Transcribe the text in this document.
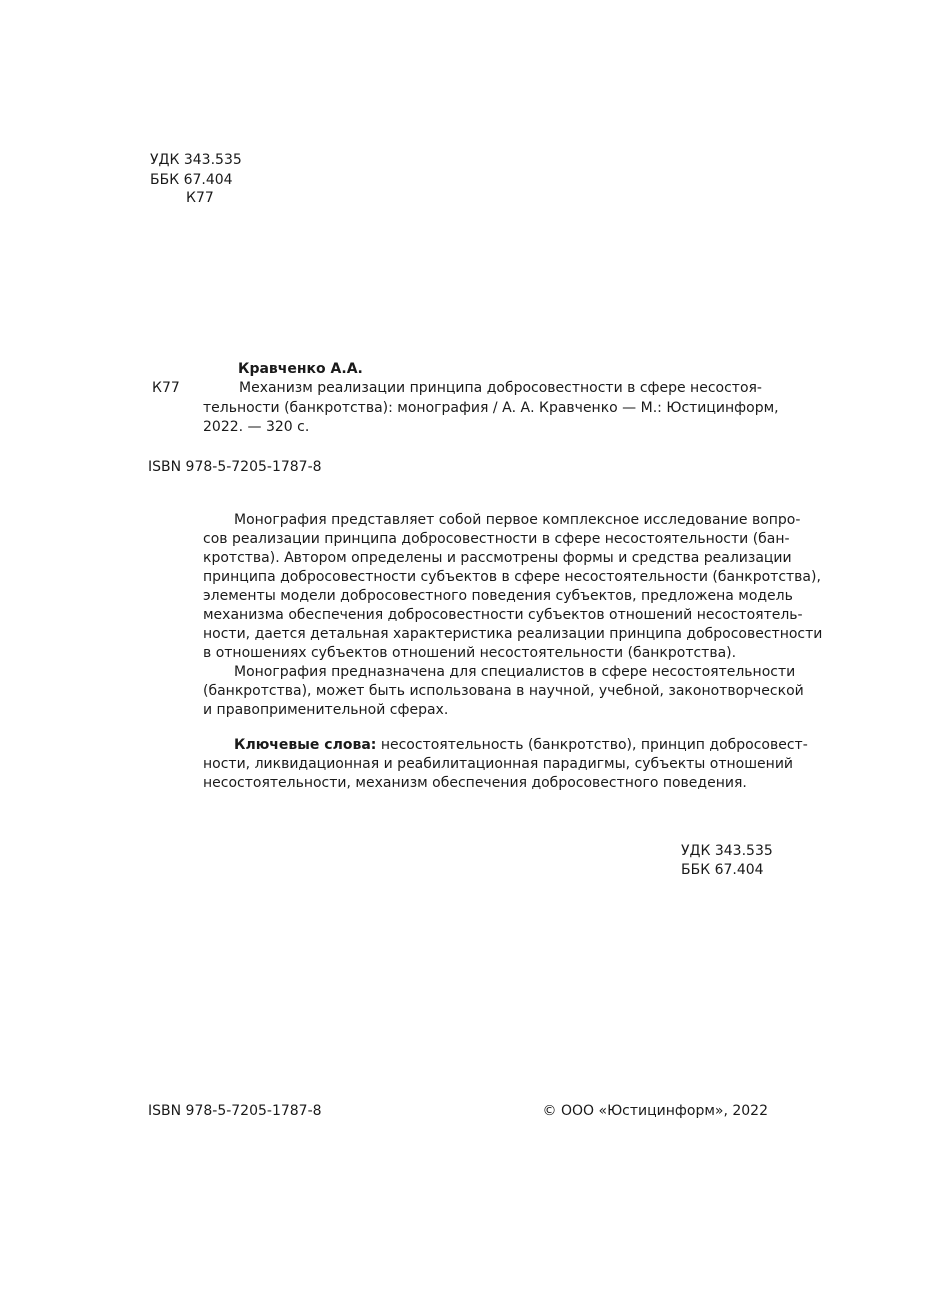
УДК 343.535
ББК 67.404
К77
Кравченко А.А.
К77	Механизм реализации принципа добросовестности в сфере несостоя-
тельности (банкротства): монография / А. А. Кравченко — М.: Юстицинформ,
2022. — 320 с.
ISBN 978-5-7205-1787-8
Монография представляет собой первое комплексное исследование вопро-
сов реализации принципа добросовестности в сфере несостоятельности (бан-
кротства). Автором определены и рассмотрены формы и средства реализации
принципа добросовестности субъектов в сфере несостоятельности (банкротства),
элементы модели добросовестного поведения субъектов, предложена модель
механизма обеспечения добросовестности субъектов отношений несостоятель-
ности, дается детальная характеристика реализации принципа добросовестности
в отношениях субъектов отношений несостоятельности (банкротства).
Монография предназначена для специалистов в сфере несостоятельности
(банкротства), может быть использована в научной, учебной, законотворческой
и правоприменительной сферах.
Ключевые слова: несостоятельность (банкротство), принцип добросовест-
ности, ликвидационная и реабилитационная парадигмы, субъекты отношений
несостоятельности, механизм обеспечения добросовестного поведения.
УДК 343.535
ББК 67.404
ISBN 978-5-7205-1787-8	© ООО «Юстицинформ», 2022
